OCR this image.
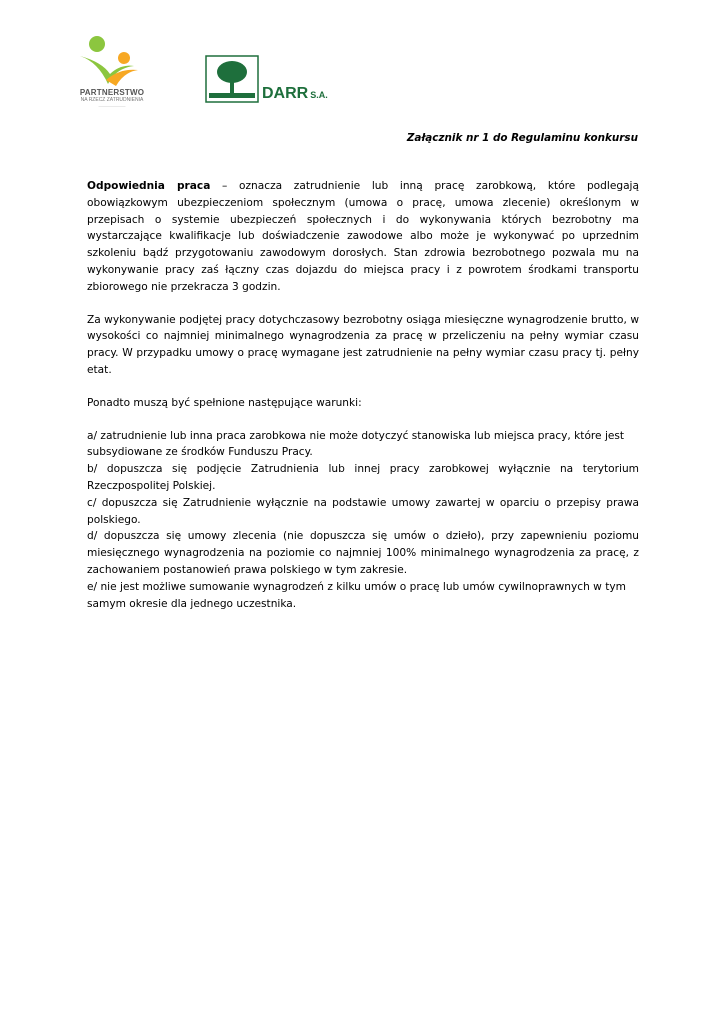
PARTNERSTWO
NA RZECZ ZATRUDNIENIA
—————————
DARR S.A.
Załącznik nr 1 do Regulaminu konkursu

Odpowiednia praca – oznacza zatrudnienie lub inną pracę zarobkową, które podlegają obowiązkowym ubezpieczeniom społecznym (umowa o pracę, umowa zlecenie) określonym w przepisach o systemie ubezpieczeń społecznych i do wykonywania których bezrobotny ma wystarczające kwalifikacje lub doświadczenie zawodowe albo może je wykonywać po uprzednim szkoleniu bądź przygotowaniu zawodowym dorosłych. Stan zdrowia bezrobotnego pozwala mu na wykonywanie pracy zaś łączny czas dojazdu do miejsca pracy i z powrotem środkami transportu zbiorowego nie przekracza 3 godzin.

Za wykonywanie podjętej pracy dotychczasowy bezrobotny osiąga miesięczne wynagrodzenie brutto, w wysokości co najmniej minimalnego wynagrodzenia za pracę w przeliczeniu na pełny wymiar czasu pracy. W przypadku umowy o pracę wymagane jest zatrudnienie na pełny wymiar czasu pracy tj. pełny etat.

Ponadto muszą być spełnione następujące warunki:

a/ zatrudnienie lub inna praca zarobkowa nie może dotyczyć stanowiska lub miejsca pracy, które jest subsydiowane ze środków Funduszu Pracy.

b/ dopuszcza się podjęcie Zatrudnienia lub innej pracy zarobkowej wyłącznie na terytorium Rzeczpospolitej Polskiej.

c/ dopuszcza się Zatrudnienie wyłącznie na podstawie umowy zawartej w oparciu o przepisy prawa polskiego.

d/ dopuszcza się umowy zlecenia (nie dopuszcza się umów o dzieło), przy zapewnieniu poziomu miesięcznego wynagrodzenia na poziomie co najmniej 100% minimalnego wynagrodzenia za pracę, z zachowaniem postanowień prawa polskiego w tym zakresie.

e/ nie jest możliwe sumowanie wynagrodzeń z kilku umów o pracę lub umów cywilnoprawnych w tym samym okresie dla jednego uczestnika.
